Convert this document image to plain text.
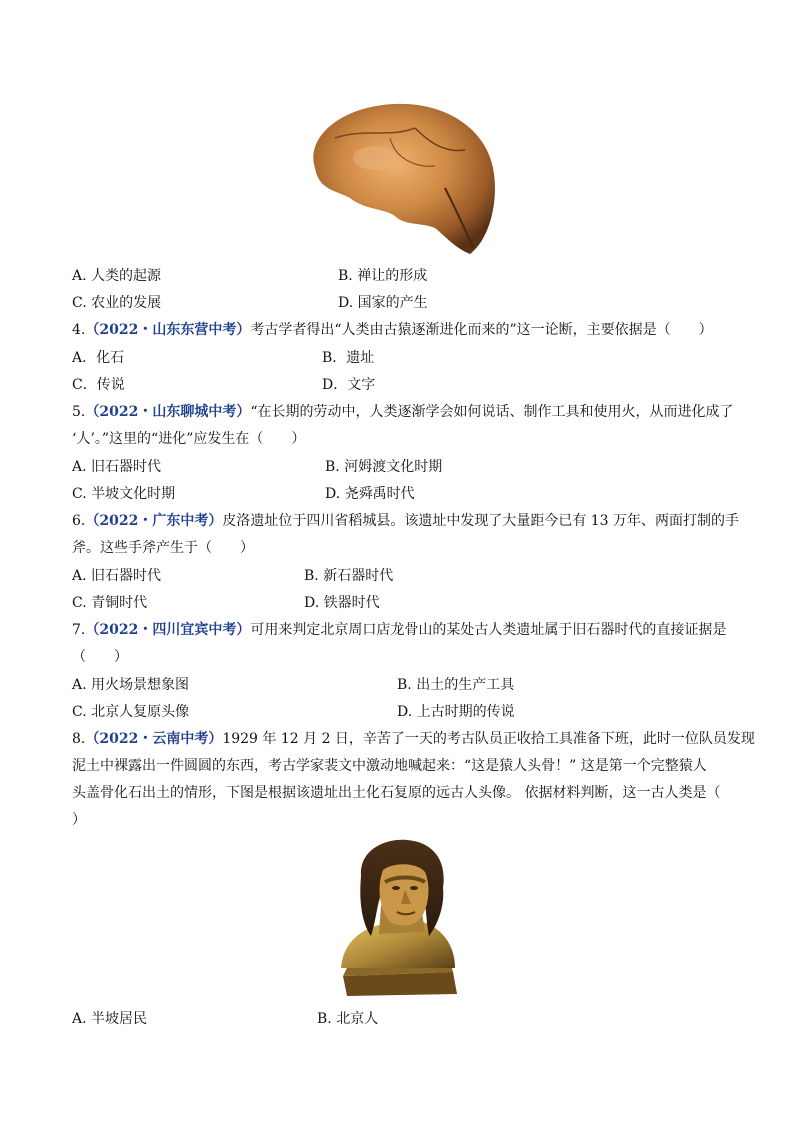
A. 人类的起源	B. 禅让的形成
C. 农业的发展	D. 国家的产生
4.（2022・山东东营中考）考古学者得出“人类由古猿逐渐进化而来的”这一论断，主要依据是（　　）
A．化石	B．遗址
C．传说	D．文字
5.（2022・山东聊城中考）“在长期的劳动中，人类逐渐学会如何说话、制作工具和使用火，从而进化成了
‘人’。”这里的“进化”应发生在（　　）
A. 旧石器时代	B. 河姆渡文化时期
C. 半坡文化时期	D. 尧舜禹时代
6.（2022・广东中考）皮洛遗址位于四川省稻城县。该遗址中发现了大量距今已有 13 万年、两面打制的手
斧。这些手斧产生于（　　）
A. 旧石器时代	B. 新石器时代
C. 青铜时代	D. 铁器时代
7.（2022・四川宜宾中考）可用来判定北京周口店龙骨山的某处古人类遗址属于旧石器时代的直接证据是
（　　）
A. 用火场景想象图	B. 出土的生产工具
C. 北京人复原头像	D. 上古时期的传说
8.（2022・云南中考）1929 年 12 月 2 日，辛苦了一天的考古队员正收拾工具准备下班，此时一位队员发现
泥土中裸露出一件圆圆的东西，考古学家裴文中激动地喊起来：“这是猿人头骨！” 这是第一个完整猿人
头盖骨化石出土的情形，下图是根据该遗址出土化石复原的远古人头像。 依据材料判断，这一古人类是（
）
A. 半坡居民	B. 北京人
